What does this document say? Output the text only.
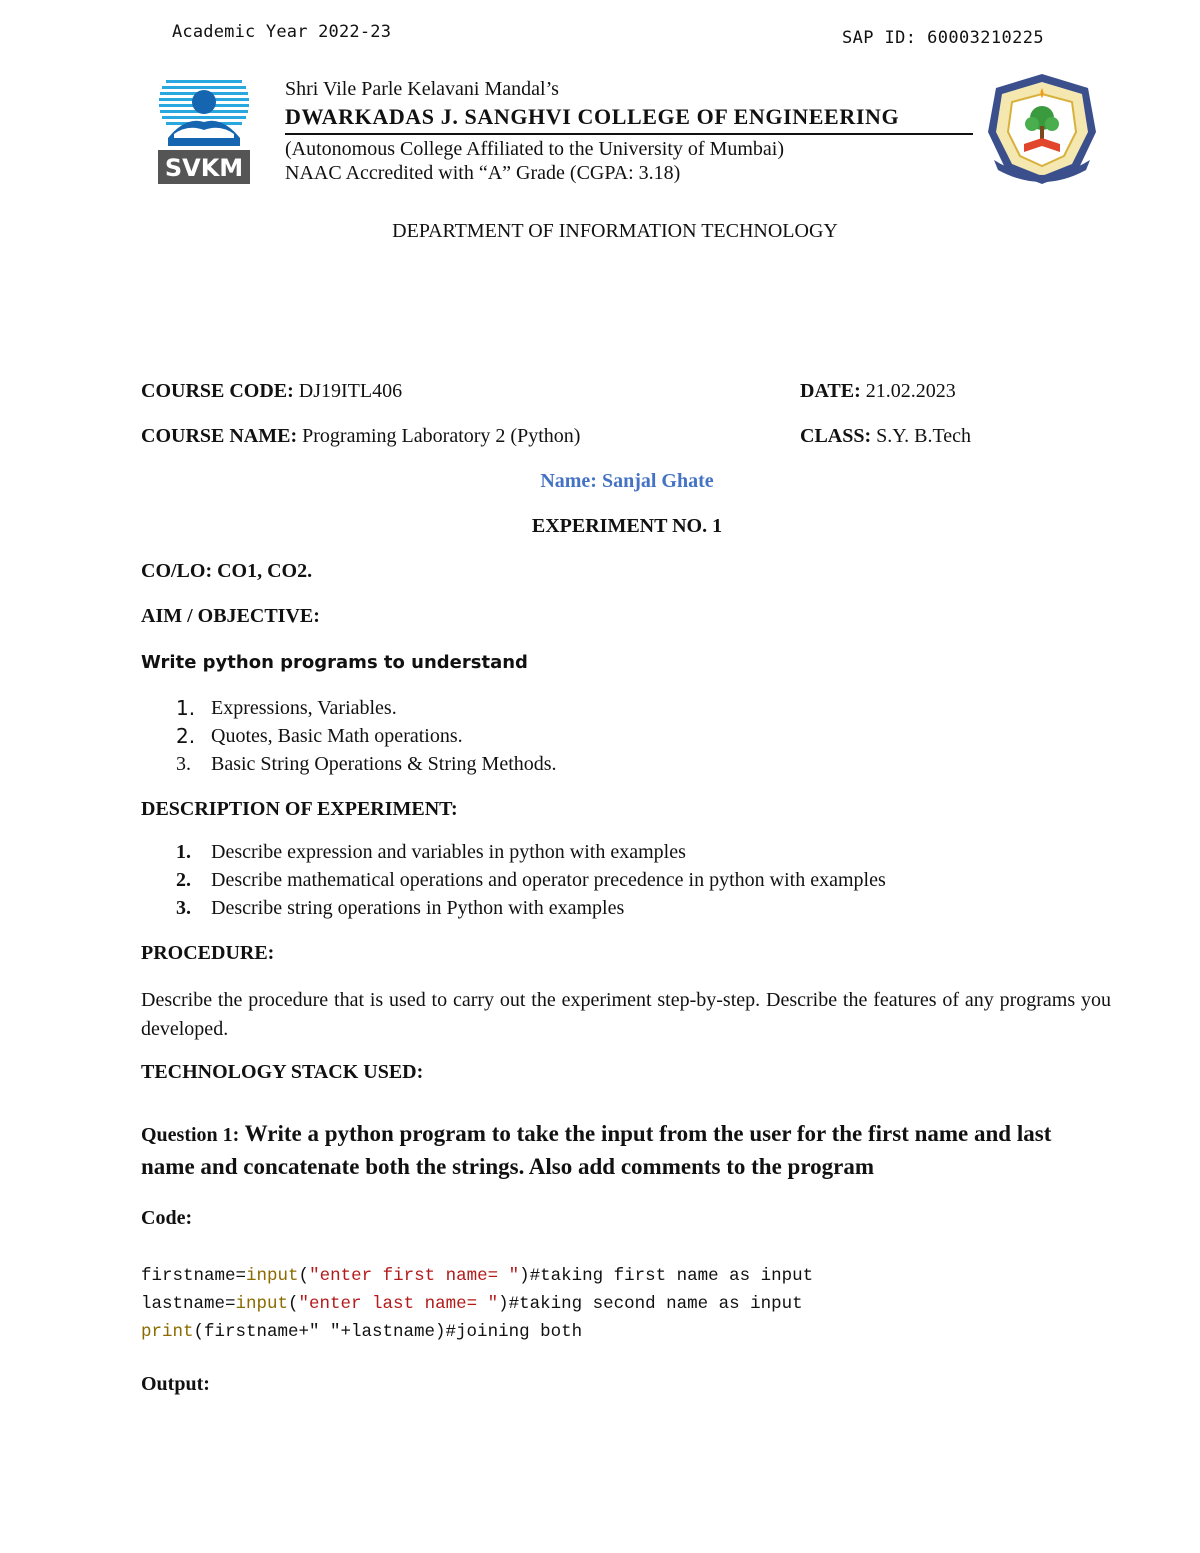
Academic Year 2022-23	SAP ID: 60003210225
SVKM
Shri Vile Parle Kelavani Mandal’s
DWARKADAS J. SANGHVI COLLEGE OF ENGINEERING
(Autonomous College Affiliated to the University of Mumbai)
NAAC Accredited with “A” Grade (CGPA: 3.18)
DEPARTMENT OF INFORMATION TECHNOLOGY
COURSE CODE: DJ19ITL406	DATE: 21.02.2023
COURSE NAME: Programing Laboratory 2 (Python)	CLASS: S.Y. B.Tech
Name: Sanjal Ghate
EXPERIMENT NO. 1
CO/LO: CO1, CO2.
AIM / OBJECTIVE:
Write python programs to understand
1. Expressions, Variables.
2. Quotes, Basic Math operations.
3.	Basic String Operations & String Methods.
DESCRIPTION OF EXPERIMENT:
1.	Describe expression and variables in python with examples
2.	Describe mathematical operations and operator precedence in python with examples
3.	Describe string operations in Python with examples
PROCEDURE:
Describe the procedure that is used to carry out the experiment step-by-step. Describe the features of any programs you developed.
TECHNOLOGY STACK USED:
Question 1: Write a python program to take the input from the user for the first name and last name and concatenate both the strings. Also add comments to the program
Code:
firstname=input("enter first name= ")#taking first name as input
lastname=input("enter last name= ")#taking second name as input
print(firstname+" "+lastname)#joining both
Output:
